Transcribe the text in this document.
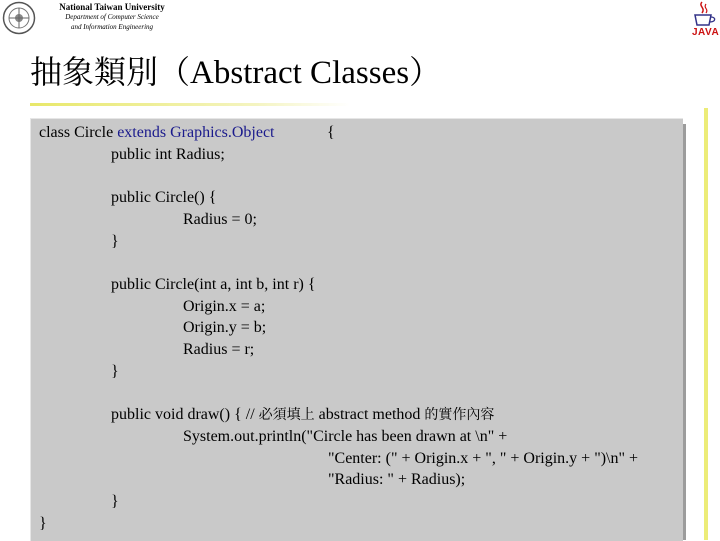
National Taiwan University
Department of Computer Science
and Information Engineering	JAVA
抽象類別（Abstract Classes）
class Circle extends Graphics.Object	{
public int Radius;
public Circle() {
Radius = 0;
}
public Circle(int a, int b, int r) {
Origin.x = a;
Origin.y = b;
Radius = r;
}
public void draw() { // 必須填上 abstract method 的實作內容
System.out.println("Circle has been drawn at \n" +
"Center: (" + Origin.x + ", " + Origin.y + ")\n" +
"Radius: " + Radius);
}
}
